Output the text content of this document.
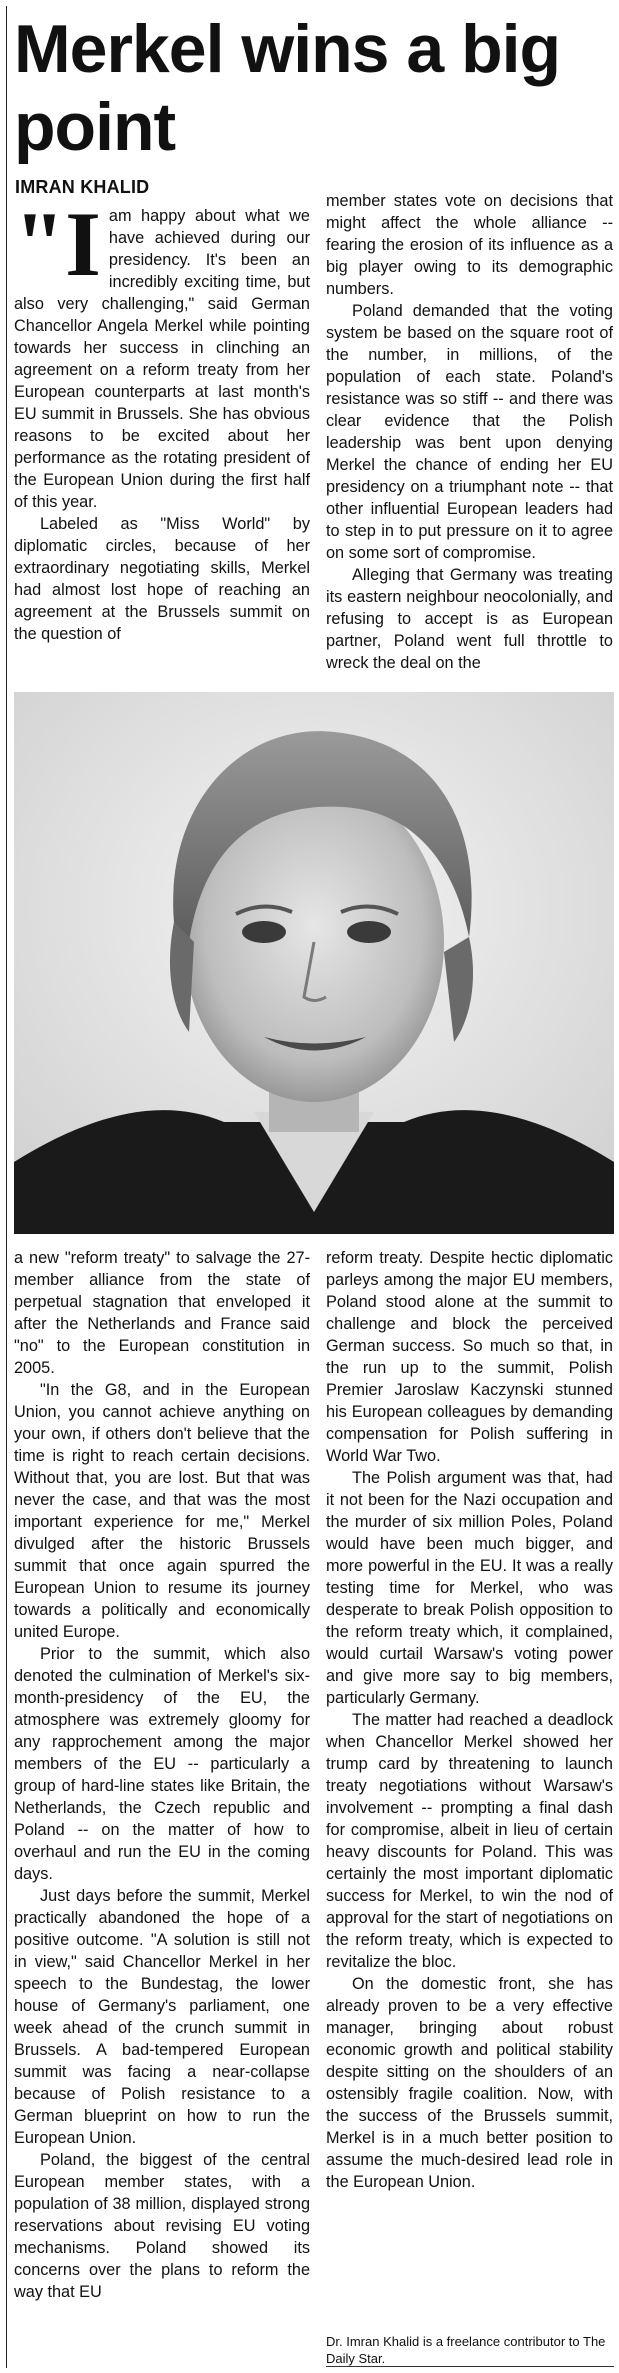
Merkel wins a big point
IMRAN KHALID

"I am happy about what we have achieved during our presidency. It's been an incredibly exciting time, but also very challenging," said German Chancellor Angela Merkel while pointing towards her success in clinching an agreement on a reform treaty from her European counterparts at last month's EU summit in Brussels. She has obvious reasons to be excited about her performance as the rotating president of the European Union during the first half of this year.

Labeled as "Miss World" by diplomatic circles, because of her extraordinary negotiating skills, Merkel had almost lost hope of reaching an agreement at the Brussels summit on the question of

member states vote on decisions that might affect the whole alliance -- fearing the erosion of its influence as a big player owing to its demographic numbers.

Poland demanded that the voting system be based on the square root of the number, in millions, of the population of each state. Poland's resistance was so stiff -- and there was clear evidence that the Polish leadership was bent upon denying Merkel the chance of ending her EU presidency on a triumphant note -- that other influential European leaders had to step in to put pressure on it to agree on some sort of compromise.

Alleging that Germany was treating its eastern neighbour neocolonially, and refusing to accept is as European partner, Poland went full throttle to wreck the deal on the

a new "reform treaty" to salvage the 27-member alliance from the state of perpetual stagnation that enveloped it after the Netherlands and France said "no" to the European constitution in 2005.

"In the G8, and in the European Union, you cannot achieve anything on your own, if others don't believe that the time is right to reach certain decisions. Without that, you are lost. But that was never the case, and that was the most important experience for me," Merkel divulged after the historic Brussels summit that once again spurred the European Union to resume its journey towards a politically and economically united Europe.

Prior to the summit, which also denoted the culmination of Merkel's six-month-presidency of the EU, the atmosphere was extremely gloomy for any rapprochement among the major members of the EU -- particularly a group of hard-line states like Britain, the Netherlands, the Czech republic and Poland -- on the matter of how to overhaul and run the EU in the coming days.

Just days before the summit, Merkel practically abandoned the hope of a positive outcome. "A solution is still not in view," said Chancellor Merkel in her speech to the Bundestag, the lower house of Germany's parliament, one week ahead of the crunch summit in Brussels. A bad-tempered European summit was facing a near-collapse because of Polish resistance to a German blueprint on how to run the European Union.

Poland, the biggest of the central European member states, with a population of 38 million, displayed strong reservations about revising EU voting mechanisms. Poland showed its concerns over the plans to reform the way that EU

reform treaty. Despite hectic diplomatic parleys among the major EU members, Poland stood alone at the summit to challenge and block the perceived German success. So much so that, in the run up to the summit, Polish Premier Jaroslaw Kaczynski stunned his European colleagues by demanding compensation for Polish suffering in World War Two.

The Polish argument was that, had it not been for the Nazi occupation and the murder of six million Poles, Poland would have been much bigger, and more powerful in the EU. It was a really testing time for Merkel, who was desperate to break Polish opposition to the reform treaty which, it complained, would curtail Warsaw's voting power and give more say to big members, particularly Germany.

The matter had reached a deadlock when Chancellor Merkel showed her trump card by threatening to launch treaty negotiations without Warsaw's involvement -- prompting a final dash for compromise, albeit in lieu of certain heavy discounts for Poland. This was certainly the most important diplomatic success for Merkel, to win the nod of approval for the start of negotiations on the reform treaty, which is expected to revitalize the bloc.

On the domestic front, she has already proven to be a very effective manager, bringing about robust economic growth and political stability despite sitting on the shoulders of an ostensibly fragile coalition. Now, with the success of the Brussels summit, Merkel is in a much better position to assume the much-desired lead role in the European Union.

Dr. Imran Khalid is a freelance contributor to The Daily Star.
